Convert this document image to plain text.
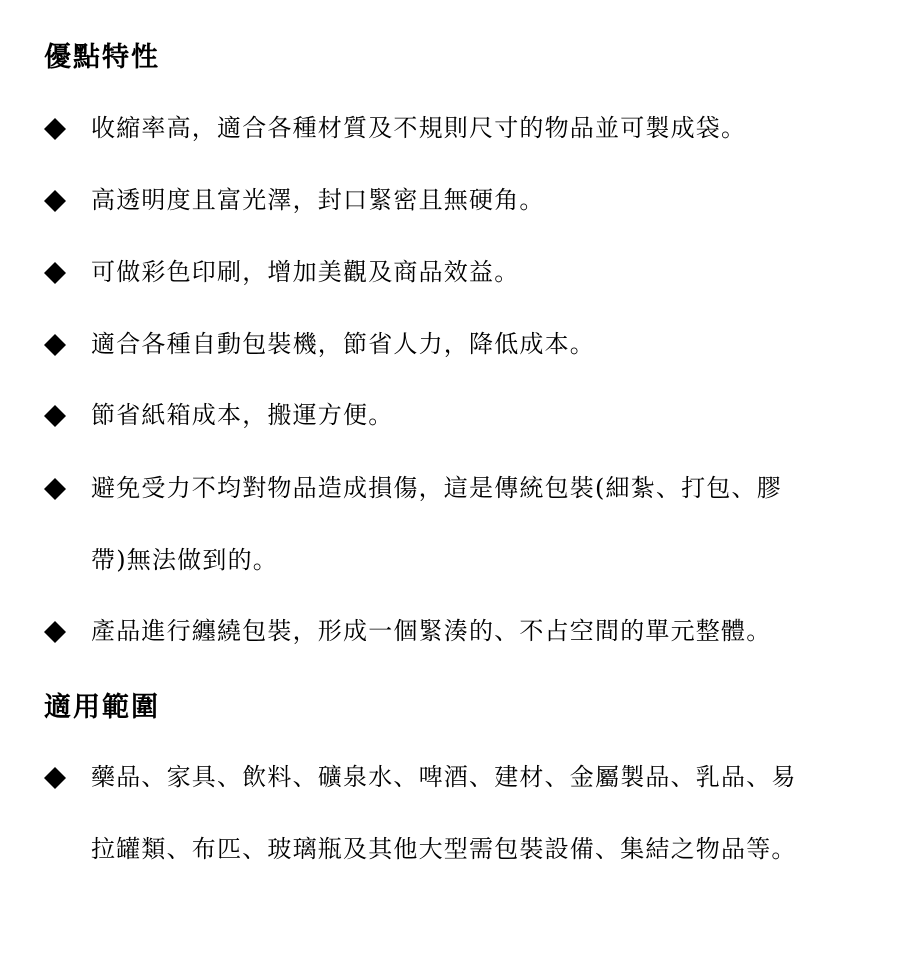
優點特性
收縮率高，適合各種材質及不規則尺寸的物品並可製成袋。
高透明度且富光澤，封口緊密且無硬角。
可做彩色印刷，增加美觀及商品效益。
適合各種自動包裝機，節省人力，降低成本。
節省紙箱成本，搬運方便。
避免受力不均對物品造成損傷，這是傳統包裝(細紮、打包、膠
帶)無法做到的。
產品進行纏繞包裝，形成一個緊湊的、不占空間的單元整體。
適用範圍
藥品、家具、飲料、礦泉水、啤酒、建材、金屬製品、乳品、易
拉罐類、布匹、玻璃瓶及其他大型需包裝設備、集結之物品等。
